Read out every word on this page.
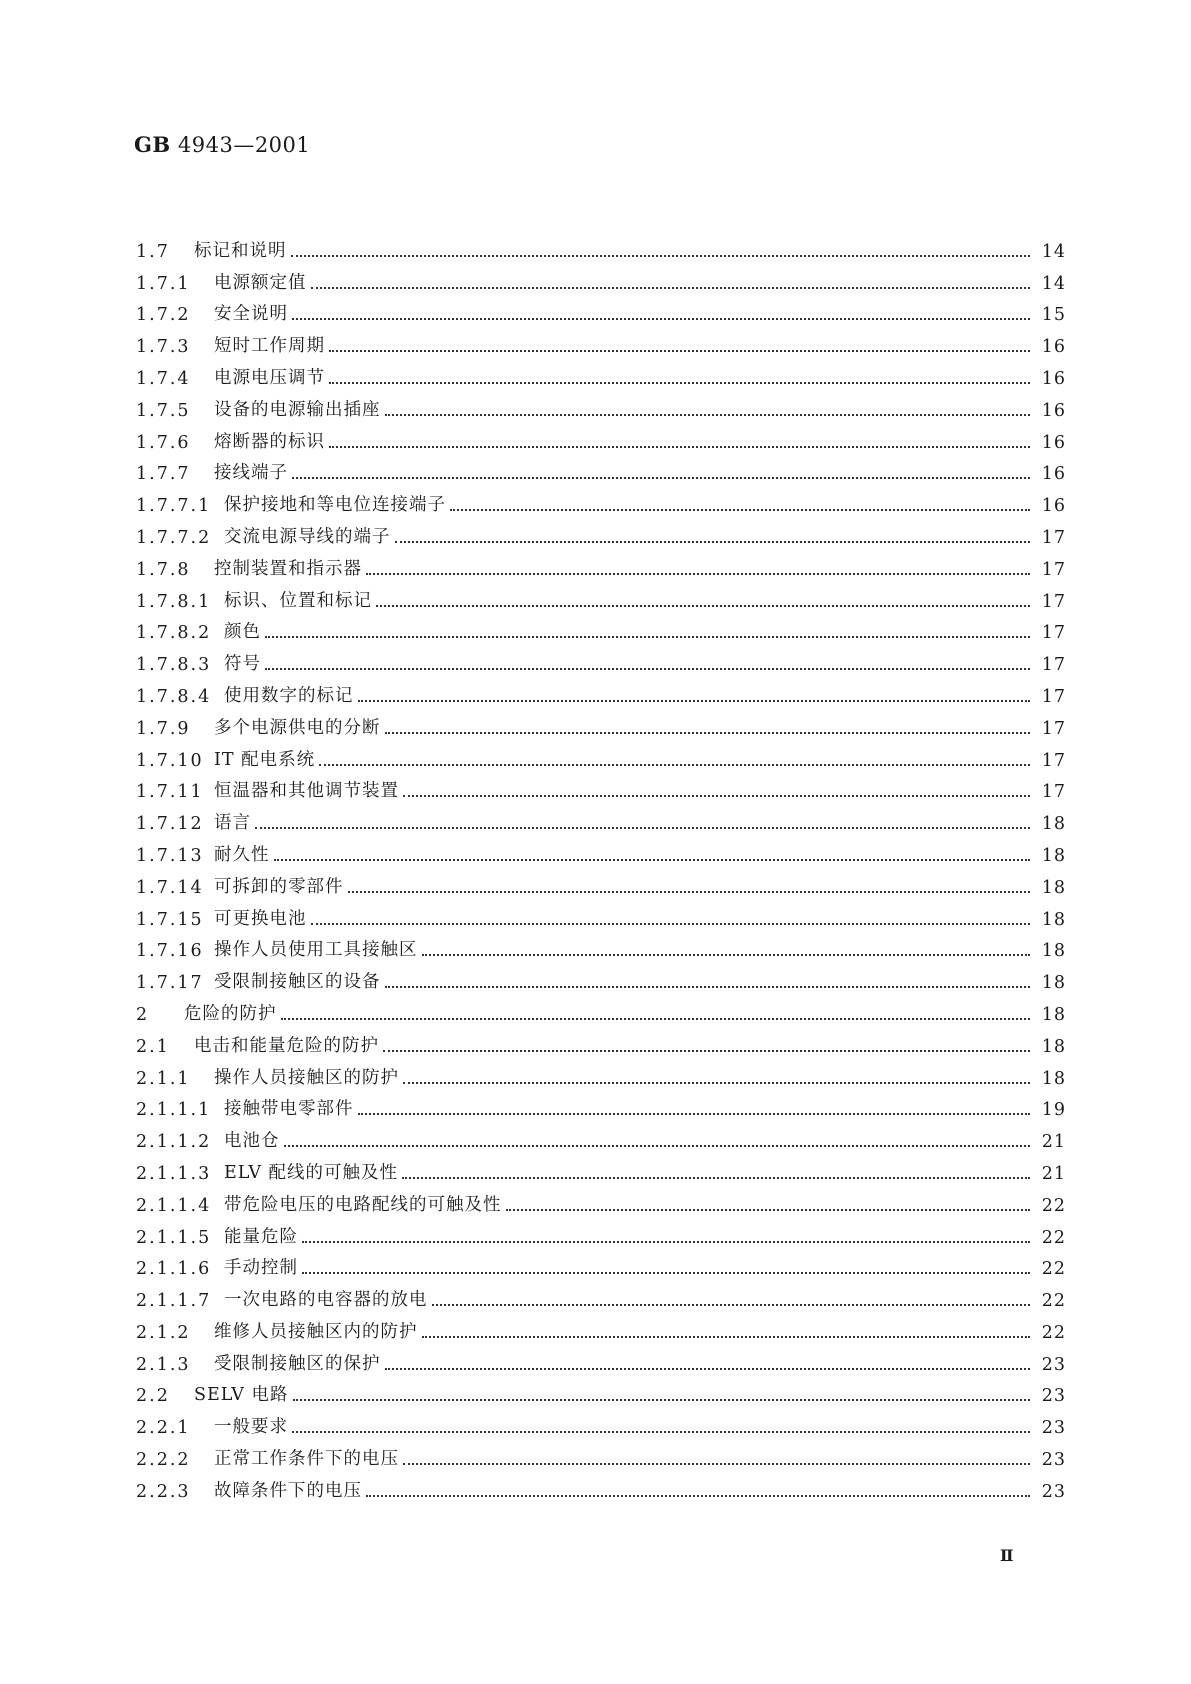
GB 4943—2001
1.7	标记和说明	14
1.7.1	电源额定值	14
1.7.2	安全说明	15
1.7.3	短时工作周期	16
1.7.4	电源电压调节	16
1.7.5	设备的电源输出插座	16
1.7.6	熔断器的标识	16
1.7.7	接线端子	16
1.7.7.1 保护接地和等电位连接端子	16
1.7.7.2 交流电源导线的端子	17
1.7.8	控制装置和指示器	17
1.7.8.1 标识、位置和标记	17
1.7.8.2 颜色	17
1.7.8.3 符号	17
1.7.8.4 使用数字的标记	17
1.7.9	多个电源供电的分断	17
1.7.10 IT 配电系统	17
1.7.11 恒温器和其他调节装置	17
1.7.12 语言	18
1.7.13 耐久性	18
1.7.14 可拆卸的零部件	18
1.7.15 可更换电池	18
1.7.16 操作人员使用工具接触区	18
1.7.17 受限制接触区的设备	18
2	危险的防护	18
2.1	电击和能量危险的防护	18
2.1.1	操作人员接触区的防护	18
2.1.1.1 接触带电零部件	19
2.1.1.2 电池仓	21
2.1.1.3 ELV 配线的可触及性	21
2.1.1.4 带危险电压的电路配线的可触及性	22
2.1.1.5 能量危险	22
2.1.1.6 手动控制	22
2.1.1.7 一次电路的电容器的放电	22
2.1.2	维修人员接触区内的防护	22
2.1.3	受限制接触区的保护	23
2.2	SELV 电路	23
2.2.1	一般要求	23
2.2.2	正常工作条件下的电压	23
2.2.3	故障条件下的电压	23
Ⅱ
